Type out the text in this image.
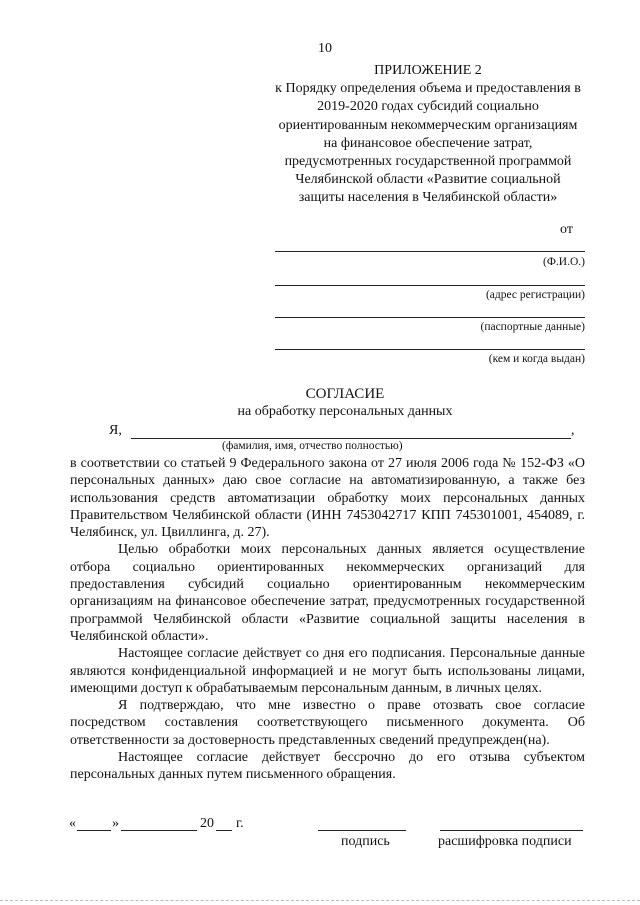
10
ПРИЛОЖЕНИЕ 2
к Порядку определения объема и предоставления в 2019-2020 годах субсидий социально ориентированным некоммерческим организациям на финансовое обеспечение затрат, предусмотренных государственной программой Челябинской области «Развитие социальной защиты населения в Челябинской области»
от
(Ф.И.О.)
(адрес регистрации)
(паспортные данные)
(кем и когда выдан)
СОГЛАСИЕ
на обработку персональных данных
Я,	,
(фамилия, имя, отчество полностью)

в соответствии со статьей 9 Федерального закона от 27 июля 2006 года № 152-ФЗ «О персональных данных» даю свое согласие на автоматизированную, а также без использования средств автоматизации обработку моих персональных данных Правительством Челябинской области (ИНН 7453042717 КПП 745301001, 454089, г. Челябинск, ул. Цвиллинга, д. 27).

Целью обработки моих персональных данных является осуществление отбора социально ориентированных некоммерческих организаций для предоставления субсидий социально ориентированным некоммерческим организациям на финансовое обеспечение затрат, предусмотренных государственной программой Челябинской области «Развитие социальной защиты населения в Челябинской области».

Настоящее согласие действует со дня его подписания. Персональные данные являются конфиденциальной информацией и не могут быть использованы лицами, имеющими доступ к обрабатываемым персональным данным, в личных целях.

Я подтверждаю, что мне известно о праве отозвать свое согласие посредством составления соответствующего письменного документа. Об ответственности за достоверность представленных сведений предупрежден(на).

Настоящее согласие действует бессрочно до его отзыва субъектом персональных данных путем письменного обращения.

«	»	20 г.
подпись	расшифровка подписи
